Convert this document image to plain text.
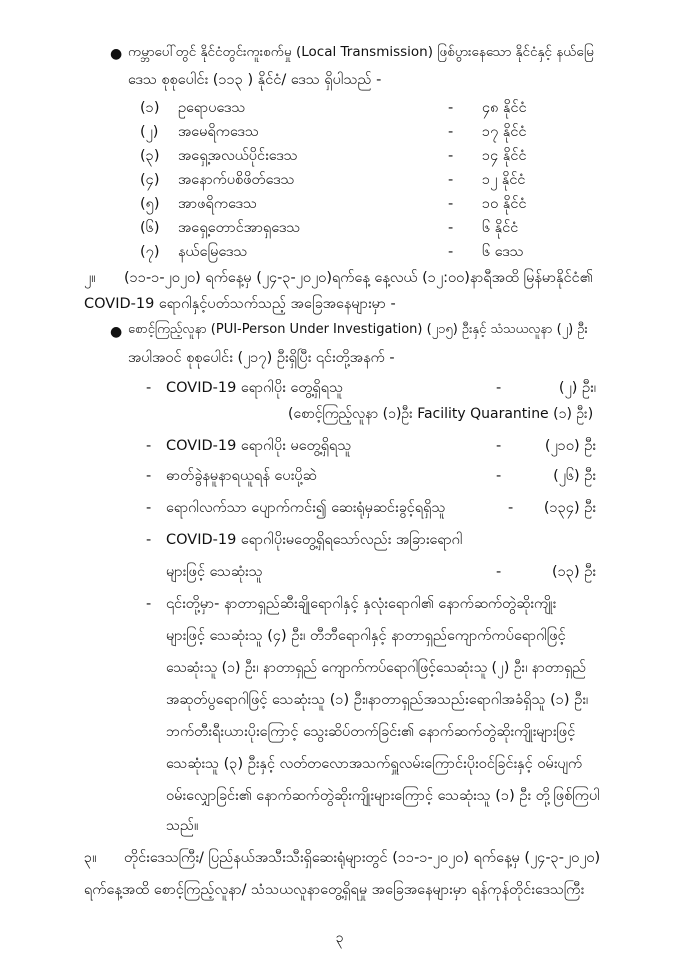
● ကမ္ဘာပေါ်တွင် နိုင်ငံတွင်းကူးစက်မှု (Local Transmission) ဖြစ်ပွားနေသော နိုင်ငံနှင့် နယ်မြေ
ဒေသ စုစုပေါင်း (၁၁၃ ) နိုင်ငံ/ ဒေသ ရှိပါသည် -
(၁) ဥရောပဒေသ	- ၄၈ နိုင်ငံ
(၂) အမေရိကဒေသ	- ၁၇ နိုင်ငံ
(၃) အရှေ့အလယ်ပိုင်းဒေသ	- ၁၄ နိုင်ငံ
(၄) အနောက်ပစိဖိတ်ဒေသ	- ၁၂ နိုင်ငံ
(၅) အာဖရိကဒေသ	- ၁၀ နိုင်ငံ
(၆) အရှေ့တောင်အာရှဒေသ	- ၆ နိုင်ငံ
(၇) နယ်မြေဒေသ	- ၆ ဒေသ
၂။ (၁၁-၁-၂၀၂၀) ရက်နေ့မှ (၂၄-၃-၂၀၂၀)ရက်နေ့ နေ့လယ် (၁၂:၀၀)နာရီအထိ မြန်မာနိုင်ငံ၏
COVID-19 ရောဂါနှင့်ပတ်သက်သည့် အခြေအနေများမှာ -
● စောင့်ကြည့်လူနာ (PUI-Person Under Investigation) (၂၁၅) ဦးနှင့် သံသယလူနာ (၂) ဦး
အပါအဝင် စုစုပေါင်း (၂၁၇) ဦးရှိပြီး ၎င်းတို့အနက် -
- COVID-19 ရောဂါပိုး တွေ့ရှိရသူ	-	(၂) ဦး၊
(စောင့်ကြည့်လူနာ (၁)ဦး Facility Quarantine (၁) ဦး)
- COVID-19 ရောဂါပိုး မတွေ့ရှိရသူ	-	(၂၁၀) ဦး
- ဓာတ်ခွဲနမူနာရယူရန် ပေးပို့ဆဲ	-	(၂၆) ဦး
- ရောဂါလက်သာ ပျောက်ကင်း၍ ဆေးရုံမှဆင်းခွင့်ရရှိသူ	-	(၁၃၄) ဦး
- COVID-19 ရောဂါပိုးမတွေ့ရှိရသော်လည်း အခြားရောဂါ
များဖြင့် သေဆုံးသူ	-	(၁၃) ဦး
- ၎င်းတို့မှာ- နာတာရှည်ဆီးချိုရောဂါနှင့် နှလုံးရောဂါ၏ နောက်ဆက်တွဲဆိုးကျိုး
များဖြင့် သေဆုံးသူ (၄) ဦး၊ တီဘီရောဂါနှင့် နာတာရှည်ကျောက်ကပ်ရောဂါဖြင့်
သေဆုံးသူ (၁) ဦး၊ နာတာရှည် ကျောက်ကပ်ရောဂါဖြင့်သေဆုံးသူ (၂) ဦး၊ နာတာရှည်
အဆုတ်ပွရောဂါဖြင့် သေဆုံးသူ (၁) ဦး၊နာတာရှည်အသည်းရောဂါအခံရှိသူ (၁) ဦး၊
ဘက်တီးရီးယားပိုးကြောင့် သွေးဆိပ်တက်ခြင်း၏ နောက်ဆက်တွဲဆိုးကျိုးများဖြင့်
သေဆုံးသူ (၃) ဦးနှင့် လတ်တလောအသက်ရှူလမ်းကြောင်းပိုးဝင်ခြင်းနှင့် ဝမ်းပျက်
ဝမ်းလျှောခြင်း၏ နောက်ဆက်တွဲဆိုးကျိုးများကြောင့် သေဆုံးသူ (၁) ဦး တို့ဖြစ်ကြပါ
သည်။
၃။ တိုင်းဒေသကြီး/ ပြည်နယ်အသီးသီးရှိဆေးရုံများတွင် (၁၁-၁-၂၀၂၀) ရက်နေ့မှ (၂၄-၃-၂၀၂၀)
ရက်နေ့အထိ စောင့်ကြည့်လူနာ/ သံသယလူနာတွေ့ရှိရမှု အခြေအနေများမှာ ရန်ကုန်တိုင်းဒေသကြီး
၃
